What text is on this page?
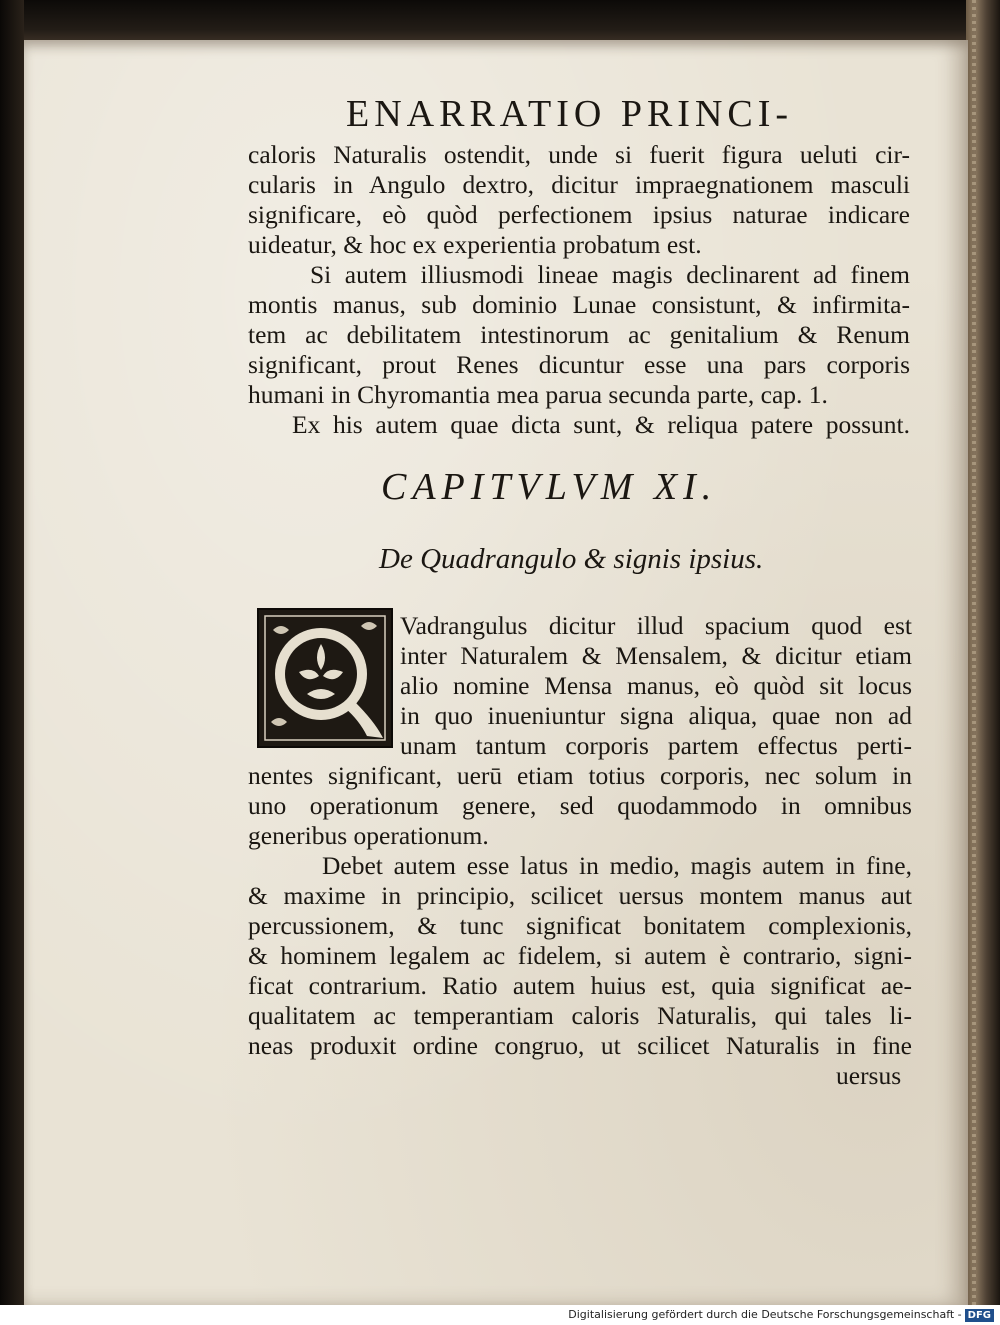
ENARRATIO PRINCI-
caloris Naturalis ostendit, unde si fuerit figura ueluti cir-
cularis in Angulo dextro, dicitur impraegnationem masculi
significare, eò quòd perfectionem ipsius naturae indicare
uideatur, & hoc ex experientia probatum est.
Si autem illiusmodi lineae magis declinarent ad finem
montis manus, sub dominio Lunae consistunt, & infirmita-
tem ac debilitatem intestinorum ac genitalium & Renum
significant, prout Renes dicuntur esse una pars corporis
humani in Chyromantia mea parua secunda parte, cap. 1.
Ex his autem quae dicta sunt, & reliqua patere possunt.
CAPITVLVM XI.
De Quadrangulo & signis ipsius.
Vadrangulus dicitur illud spacium quod est
inter Naturalem & Mensalem, & dicitur etiam
alio nomine Mensa manus, eò quòd sit locus
in quo inueniuntur signa aliqua, quae non ad
unam tantum corporis partem effectus perti-
nentes significant, uerū etiam totius corporis, nec solum in
uno operationum genere, sed quodammodo in omnibus
generibus operationum.
Debet autem esse latus in medio, magis autem in fine,
& maxime in principio, scilicet uersus montem manus aut
percussionem, & tunc significat bonitatem complexionis,
& hominem legalem ac fidelem, si autem è contrario, signi-
ficat contrarium. Ratio autem huius est, quia significat ae-
qualitatem ac temperantiam caloris Naturalis, qui tales li-
neas produxit ordine congruo, ut scilicet Naturalis in fine
uersus
Digitalisierung gefördert durch die Deutsche Forschungsgemeinschaft - DFG
